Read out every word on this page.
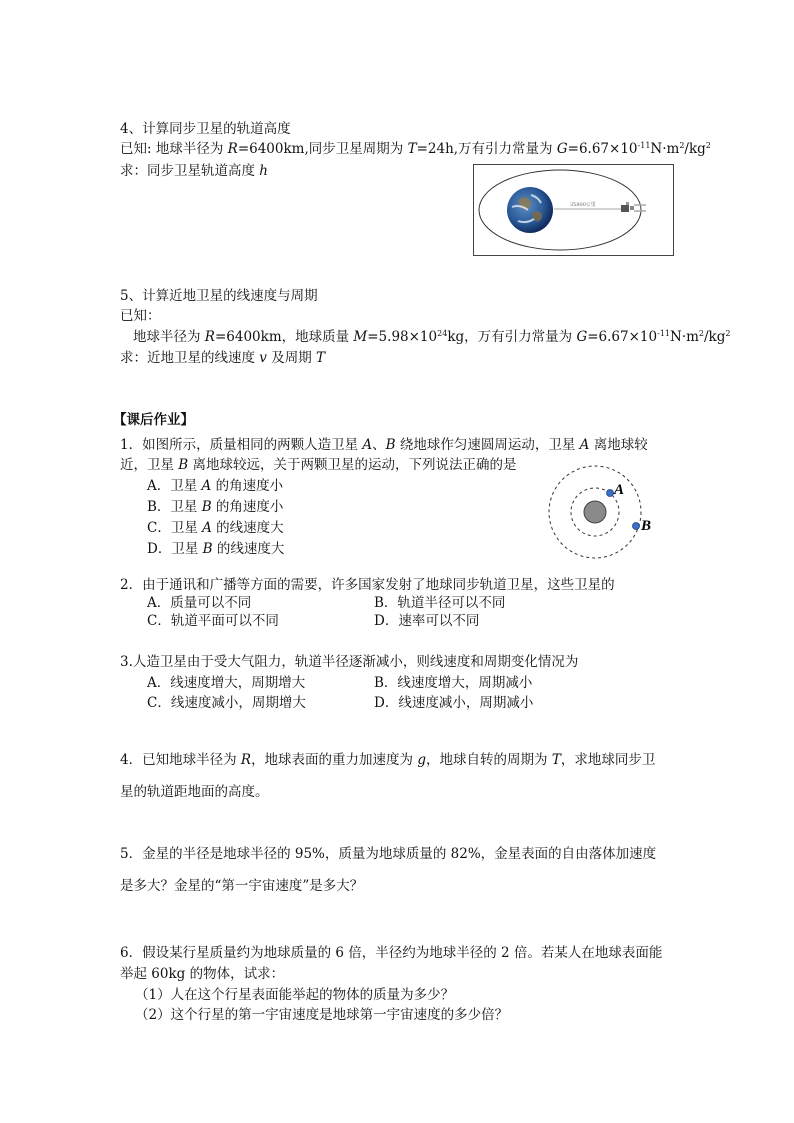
4、计算同步卫星的轨道高度
已知: 地球半径为 R=6400km,同步卫星周期为 T=24h,万有引力常量为 $G=6.67\times 10^{-11}N\cdot m^2/kg^2$
求：同步卫星轨道高度 h
35800公里
5、计算近地卫星的线速度与周期
已知：
地球半径为 R=6400km，地球质量 $M=5.98\times 10^{24}kg$，万有引力常量为 $G=6.67\times 10^{-11}N\cdot m^2/kg^2$
求：近地卫星的线速度 v 及周期 T
【课后作业】
1．如图所示，质量相同的两颗人造卫星 A、B 绕地球作匀速圆周运动，卫星 A 离地球较
近，卫星 B 离地球较远，关于两颗卫星的运动，下列说法正确的是
A．卫星 A 的角速度小
B．卫星 B 的角速度小
C．卫星 A 的线速度大
D．卫星 B 的线速度大
A
B
2．由于通讯和广播等方面的需要，许多国家发射了地球同步轨道卫星，这些卫星的
A．质量可以不同	B．轨道半径可以不同
C．轨道平面可以不同	D．速率可以不同
3.人造卫星由于受大气阻力，轨道半径逐渐减小，则线速度和周期变化情况为
A．线速度增大，周期增大	B．线速度增大，周期减小
C．线速度减小，周期增大	D．线速度减小，周期减小
4．已知地球半径为 R，地球表面的重力加速度为 g，地球自转的周期为 T，求地球同步卫
星的轨道距地面的高度。
5．金星的半径是地球半径的 95%，质量为地球质量的 82%，金星表面的自由落体加速度
是多大？金星的“第一宇宙速度”是多大？
6．假设某行星质量约为地球质量的 6 倍，半径约为地球半径的 2 倍。若某人在地球表面能
举起 60kg 的物体，试求：
（1）人在这个行星表面能举起的物体的质量为多少？
（2）这个行星的第一宇宙速度是地球第一宇宙速度的多少倍？
